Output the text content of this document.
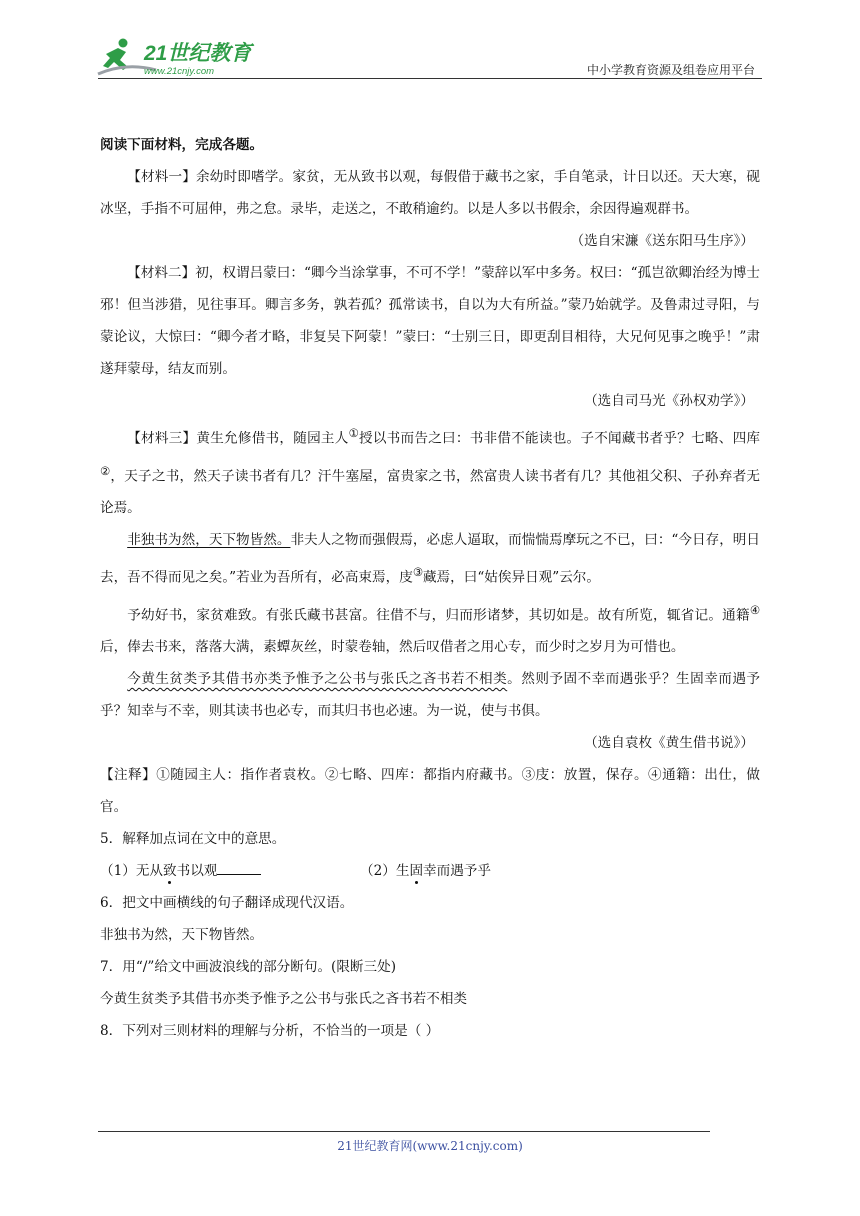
21世纪教育
www.21cnjy.com	中小学教育资源及组卷应用平台

阅读下面材料，完成各题。

【材料一】余幼时即嗜学。家贫，无从致书以观，每假借于藏书之家，手自笔录，计日以还。天大寒，砚冰坚，手指不可屈伸，弗之怠。录毕，走送之，不敢稍逾约。以是人多以书假余，余因得遍观群书。

（选自宋濂《送东阳马生序》）

【材料二】初，权谓吕蒙曰：“卿今当涂掌事，不可不学！”蒙辞以军中多务。权曰：“孤岂欲卿治经为博士邪！但当涉猎，见往事耳。卿言多务，孰若孤？孤常读书，自以为大有所益。”蒙乃始就学。及鲁肃过寻阳，与蒙论议，大惊曰：“卿今者才略，非复吴下阿蒙！”蒙曰：“士别三日，即更刮目相待，大兄何见事之晚乎！”肃遂拜蒙母，结友而别。

（选自司马光《孙权劝学》）

【材料三】黄生允修借书，随园主人①授以书而告之曰：书非借不能读也。子不闻藏书者乎？七略、四库②，天子之书，然天子读书者有几？汗牛塞屋，富贵家之书，然富贵人读书者有几？其他祖父积、子孙弃者无论焉。

非独书为然，天下物皆然。非夫人之物而强假焉，必虑人逼取，而惴惴焉摩玩之不已，曰：“今日存，明日去，吾不得而见之矣。”若业为吾所有，必高束焉，庋③藏焉，曰“姑俟异日观”云尔。

予幼好书，家贫难致。有张氏藏书甚富。往借不与，归而形诸梦，其切如是。故有所览，辄省记。通籍④后，俸去书来，落落大满，素蟫灰丝，时蒙卷轴，然后叹借者之用心专，而少时之岁月为可惜也。

今黄生贫类予其借书亦类予惟予之公书与张氏之吝书若不相类。然则予固不幸而遇张乎？生固幸而遇予乎？知幸与不幸，则其读书也必专，而其归书也必速。为一说，使与书俱。

（选自袁枚《黄生借书说》）

【注释】①随园主人：指作者袁枚。②七略、四库：都指内府藏书。③庋：放置，保存。④通籍：出仕，做官。

5．解释加点词在文中的意思。

（1）无从致书以观	（2）生固幸而遇予乎

6．把文中画横线的句子翻译成现代汉语。

非独书为然，天下物皆然。

7．用“/”给文中画波浪线的部分断句。(限断三处)

今黄生贫类予其借书亦类予惟予之公书与张氏之吝书若不相类

8．下列对三则材料的理解与分析，不恰当的一项是（ ）

21世纪教育网(www.21cnjy.com)
